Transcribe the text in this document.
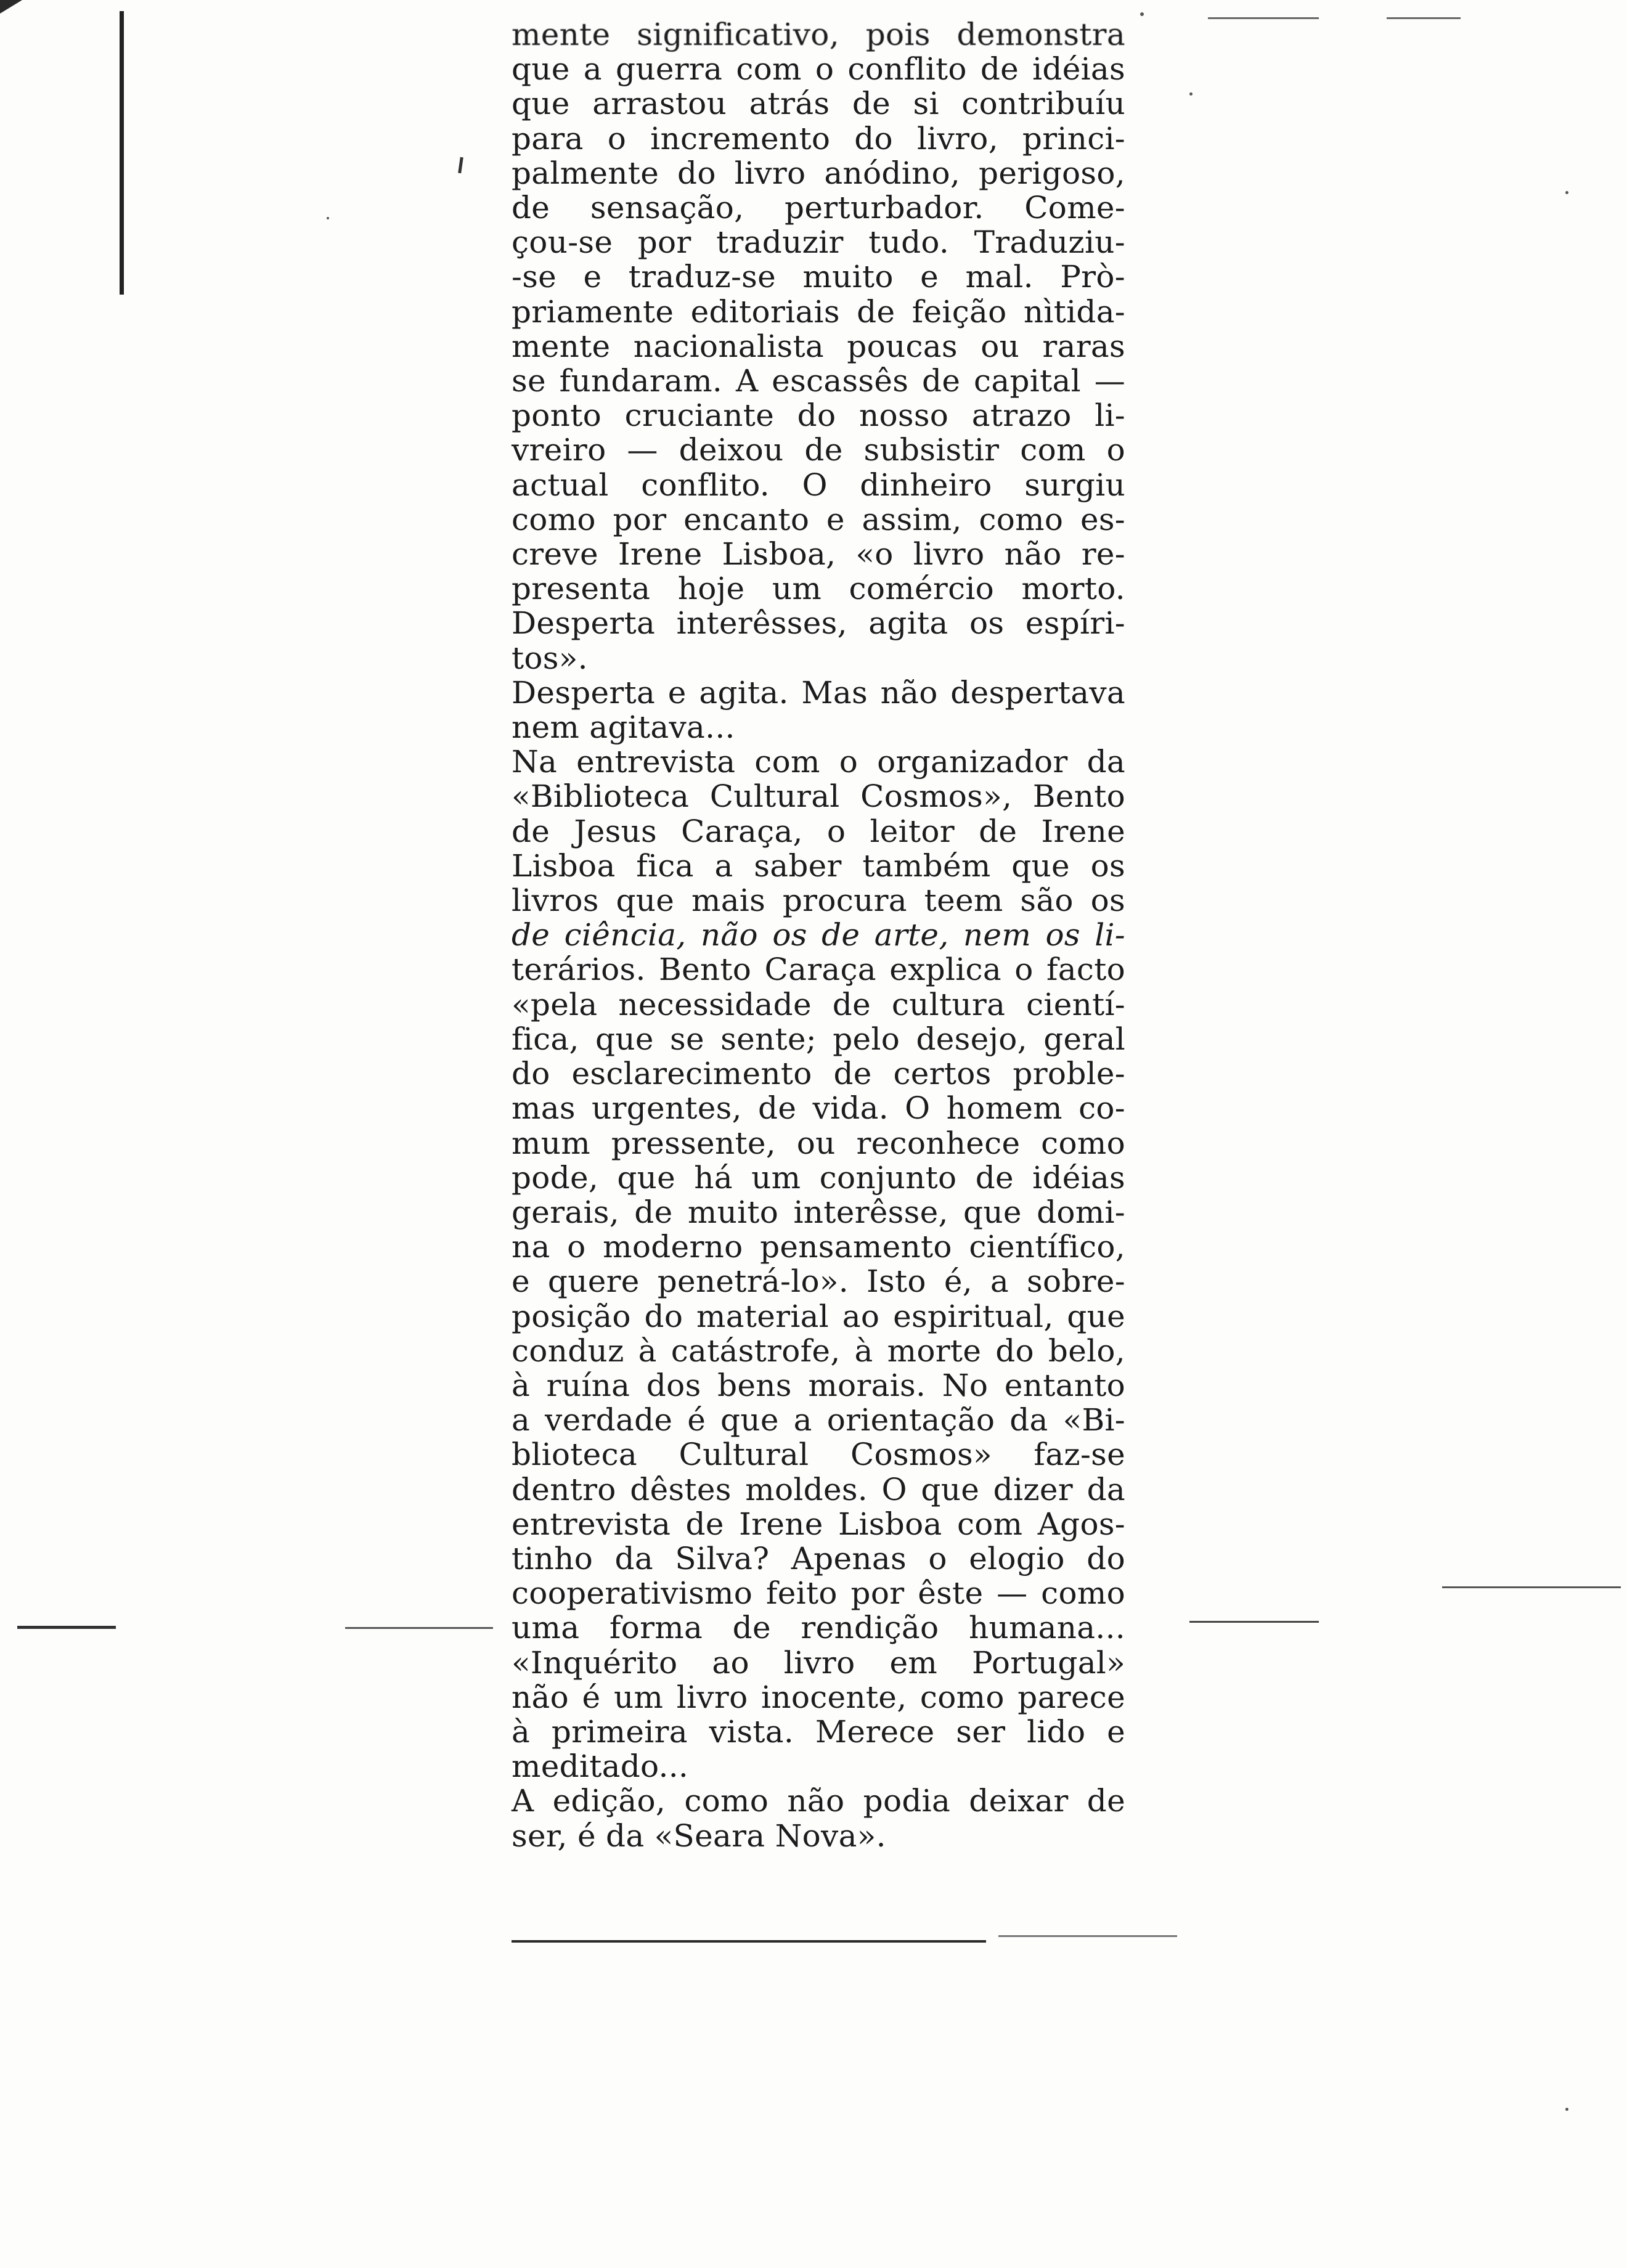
mente significativo, pois demonstra
que a guerra com o conflito de idéias
que arrastou atrás de si contribuíu
para o incremento do livro, princi-
palmente do livro anódino, perigoso,
de sensação, perturbador. Come-
çou-se por traduzir tudo. Traduziu-
-se e traduz-se muito e mal. Prò-
priamente editoriais de feição nìtida-
mente nacionalista poucas ou raras
se fundaram. A escassês de capital —
ponto cruciante do nosso atrazo li-
vreiro — deixou de subsistir com o
actual conflito. O dinheiro surgiu
como por encanto e assim, como es-
creve Irene Lisboa, «o livro não re-
presenta hoje um comércio morto.
Desperta interêsses, agita os espíri-
tos».
Desperta e agita. Mas não despertava
nem agitava...
Na entrevista com o organizador da
«Biblioteca Cultural Cosmos», Bento
de Jesus Caraça, o leitor de Irene
Lisboa fica a saber também que os
livros que mais procura teem são os
de ciência, não os de arte, nem os li-
terários. Bento Caraça explica o facto
«pela necessidade de cultura cientí-
fica, que se sente; pelo desejo, geral
do esclarecimento de certos proble-
mas urgentes, de vida. O homem co-
mum pressente, ou reconhece como
pode, que há um conjunto de idéias
gerais, de muito interêsse, que domi-
na o moderno pensamento científico,
e quere penetrá-lo». Isto é, a sobre-
posição do material ao espiritual, que
conduz à catástrofe, à morte do belo,
à ruína dos bens morais. No entanto
a verdade é que a orientação da «Bi-
blioteca Cultural Cosmos» faz-se
dentro dêstes moldes. O que dizer da
entrevista de Irene Lisboa com Agos-
tinho da Silva? Apenas o elogio do
cooperativismo feito por êste — como
uma forma de rendição humana...
«Inquérito ao livro em Portugal»
não é um livro inocente, como parece
à primeira vista. Merece ser lido e
meditado...
A edição, como não podia deixar de
ser, é da «Seara Nova».
